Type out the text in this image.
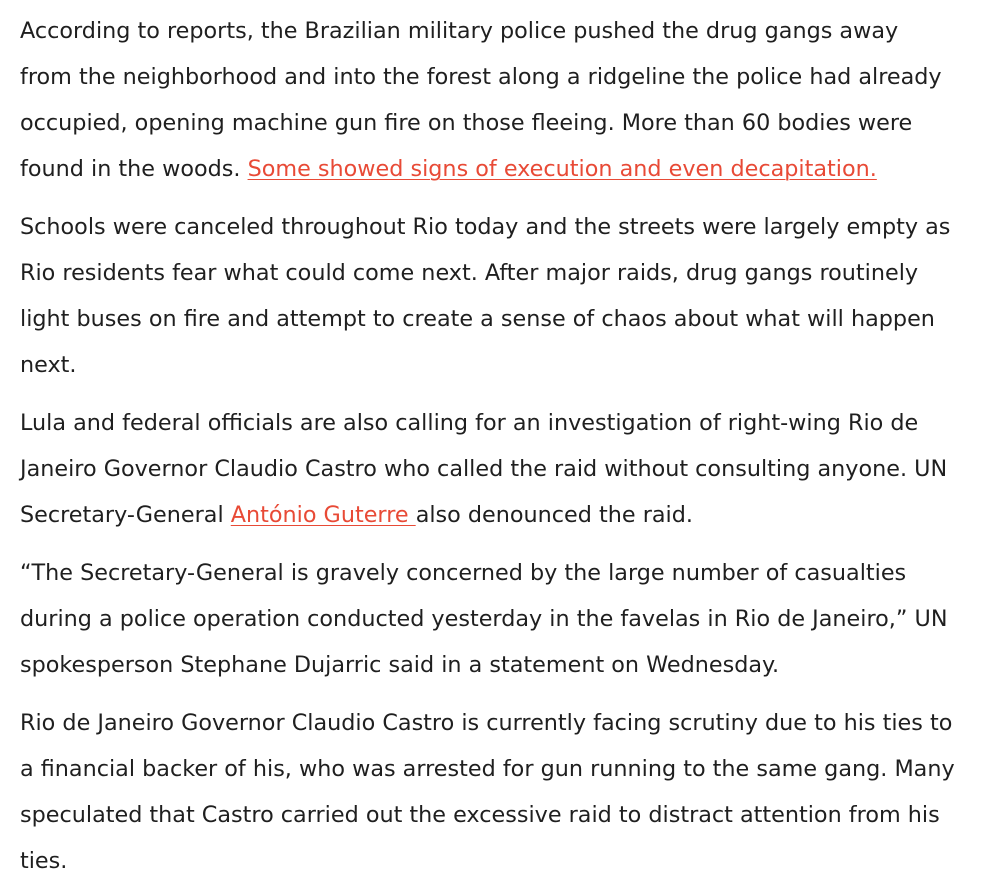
According to reports, the Brazilian military police pushed the drug gangs away from the neighborhood and into the forest along a ridgeline the police had already occupied, opening machine gun fire on those fleeing. More than 60 bodies were found in the woods. Some showed signs of execution and even decapitation.

Schools were canceled throughout Rio today and the streets were largely empty as Rio residents fear what could come next. After major raids, drug gangs routinely light buses on fire and attempt to create a sense of chaos about what will happen next.

Lula and federal officials are also calling for an investigation of right-wing Rio de Janeiro Governor Claudio Castro who called the raid without consulting anyone. UN Secretary-General António Guterre also denounced the raid.

“The Secretary-General is gravely concerned by the large number of casualties during a police operation conducted yesterday in the favelas in Rio de Janeiro,” UN spokesperson Stephane Dujarric said in a statement on Wednesday.

Rio de Janeiro Governor Claudio Castro is currently facing scrutiny due to his ties to a financial backer of his, who was arrested for gun running to the same gang. Many speculated that Castro carried out the excessive raid to distract attention from his ties.
